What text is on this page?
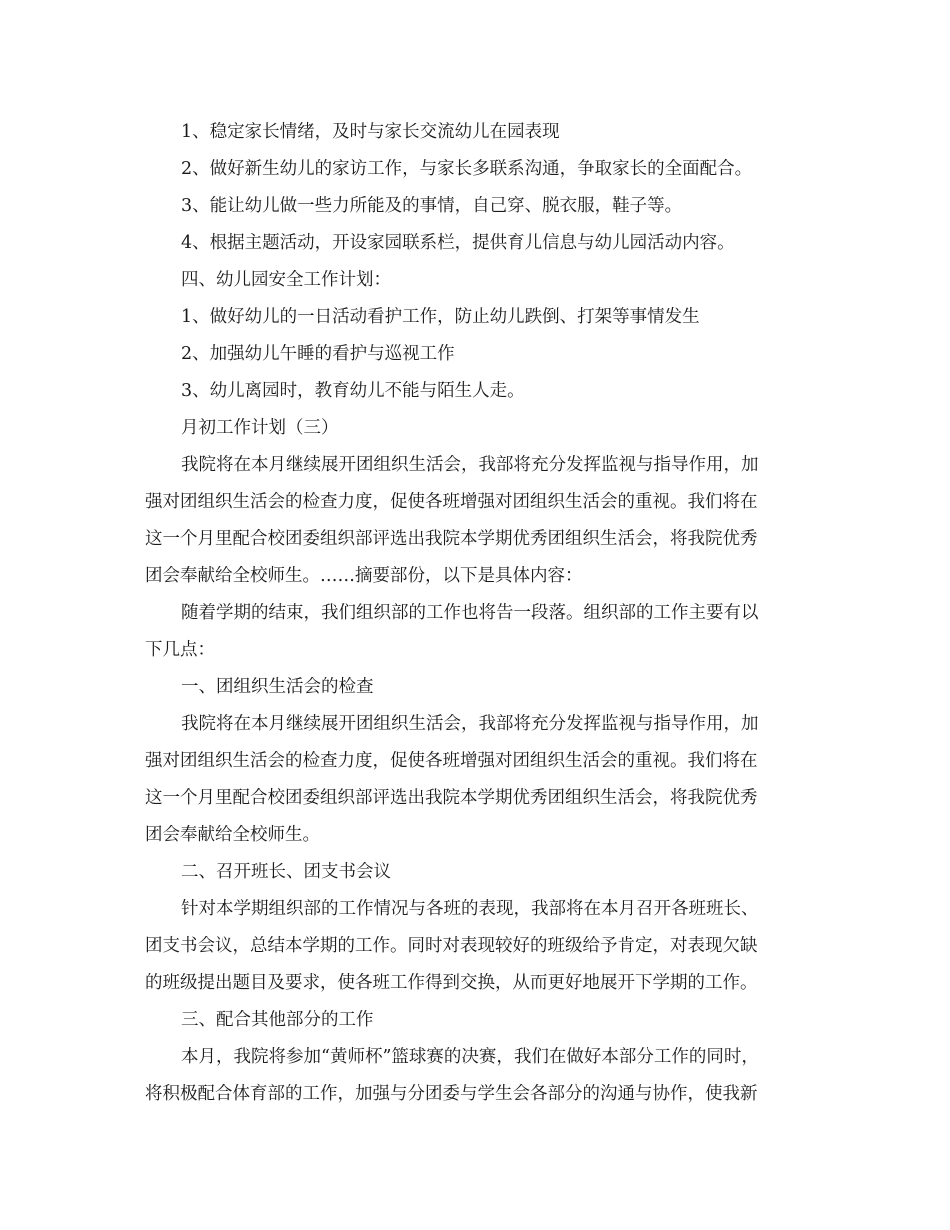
1、稳定家长情绪，及时与家长交流幼儿在园表现

2、做好新生幼儿的家访工作，与家长多联系沟通，争取家长的全面配合。

3、能让幼儿做一些力所能及的事情，自己穿、脱衣服，鞋子等。

4、根据主题活动，开设家园联系栏，提供育儿信息与幼儿园活动内容。

四、幼儿园安全工作计划：

1、做好幼儿的一日活动看护工作，防止幼儿跌倒、打架等事情发生

2、加强幼儿午睡的看护与巡视工作

3、幼儿离园时，教育幼儿不能与陌生人走。

月初工作计划（三）

我院将在本月继续展开团组织生活会，我部将充分发挥监视与指导作用，加

强对团组织生活会的检查力度，促使各班增强对团组织生活会的重视。我们将在

这一个月里配合校团委组织部评选出我院本学期优秀团组织生活会，将我院优秀

团会奉献给全校师生。……摘要部份，以下是具体内容：

随着学期的结束，我们组织部的工作也将告一段落。组织部的工作主要有以

下几点：

一、团组织生活会的检查

我院将在本月继续展开团组织生活会，我部将充分发挥监视与指导作用，加

强对团组织生活会的检查力度，促使各班增强对团组织生活会的重视。我们将在

这一个月里配合校团委组织部评选出我院本学期优秀团组织生活会，将我院优秀

团会奉献给全校师生。

二、召开班长、团支书会议

针对本学期组织部的工作情况与各班的表现，我部将在本月召开各班班长、

团支书会议，总结本学期的工作。同时对表现较好的班级给予肯定，对表现欠缺

的班级提出题目及要求，使各班工作得到交换，从而更好地展开下学期的工作。

三、配合其他部分的工作

本月，我院将参加“黄师杯”篮球赛的决赛，我们在做好本部分工作的同时，

将积极配合体育部的工作，加强与分团委与学生会各部分的沟通与协作，使我新
